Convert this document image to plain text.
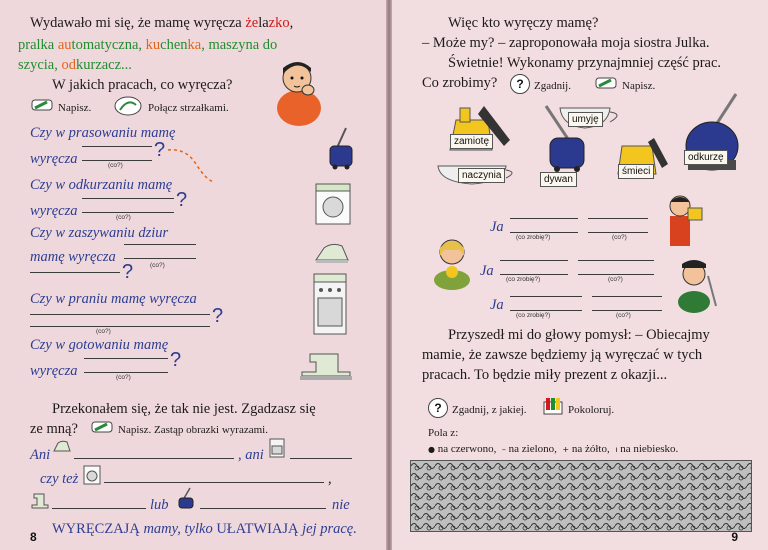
Wydawało mi się, że mamę wyręcza żelazko,
pralka automatyczna, kuchenka, maszyna do
szycia, odkurzacz...
W jakich pracach, co wyręcza?
Napisz.	Połącz strzałkami.
Czy w prasowaniu mamę
wyręcza	(co?)
?
Czy w odkurzaniu mamę
wyręcza	(co?)
?
Czy w zaszywaniu dziur
mamę wyręcza
(co?)
?
Czy w praniu mamę wyręcza
(co?)
?
Czy w gotowaniu mamę
wyręcza	(co?)
?
Przekonałem się, że tak nie jest. Zgadzasz się
ze mną?	Napisz. Zastąp obrazki wyrazami.
Ani	, ani
czy też	,
lub	nie
WYRĘCZAJĄ mamy, tylko UŁATWIAJĄ jej pracę.
8
Więc kto wyręczy mamę?
– Może my? – zaproponowała moja siostra Julka.
Świetnie! Wykonamy przynajmniej część prac.
Co zrobimy?	? Zgadnij.	Napisz.
umyję
zamiotę
odkurzę
naczynia	dywan
śmieci
Ja
(co zrobię?)	(co?)
Ja
(co zrobię?)	(co?)
Ja
(co zrobię?)	(co?)
Przyszedł mi do głowy pomysł: – Obiecajmy
mamie, że zawsze będziemy ją wyręczać w tych
pracach. To będzie miły prezent z okazji...
? Zgadnij, z jakiej.	Pokoloruj.
Pola z:
● na czerwono, – na zielono, + na żółto, ı na niebiesko.
9
